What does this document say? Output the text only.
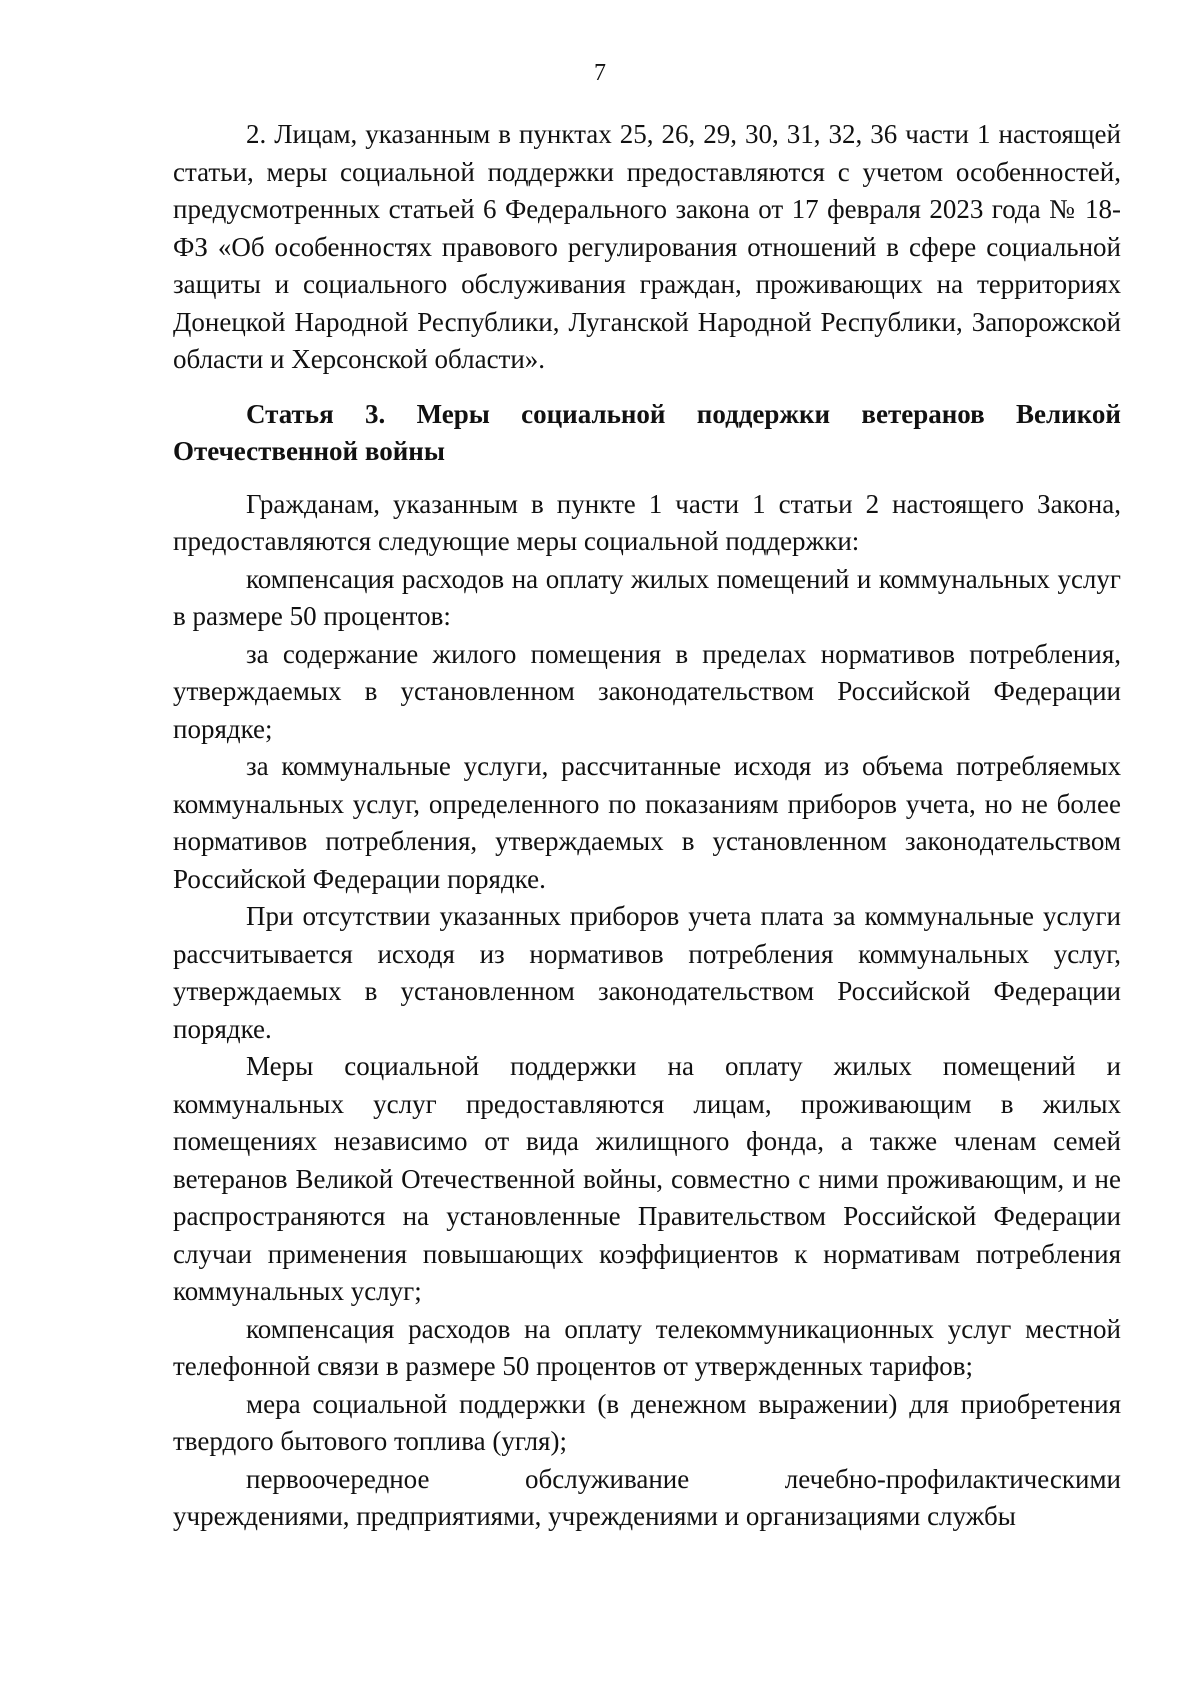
7

2. Лицам, указанным в пунктах 25, 26, 29, 30, 31, 32, 36 части 1 настоящей статьи, меры социальной поддержки предоставляются с учетом особенностей, предусмотренных статьей 6 Федерального закона от 17 февраля 2023 года № 18-ФЗ «Об особенностях правового регулирования отношений в сфере социальной защиты и социального обслуживания граждан, проживающих на территориях Донецкой Народной Республики, Луганской Народной Республики, Запорожской области и Херсонской области».

Статья 3. Меры социальной поддержки ветеранов Великой Отечественной войны

Гражданам, указанным в пункте 1 части 1 статьи 2 настоящего Закона, предоставляются следующие меры социальной поддержки:

компенсация расходов на оплату жилых помещений и коммунальных услуг в размере 50 процентов:

за содержание жилого помещения в пределах нормативов потребления, утверждаемых в установленном законодательством Российской Федерации порядке;

за коммунальные услуги, рассчитанные исходя из объема потребляемых коммунальных услуг, определенного по показаниям приборов учета, но не более нормативов потребления, утверждаемых в установленном законодательством Российской Федерации порядке.

При отсутствии указанных приборов учета плата за коммунальные услуги рассчитывается исходя из нормативов потребления коммунальных услуг, утверждаемых в установленном законодательством Российской Федерации порядке.

Меры социальной поддержки на оплату жилых помещений и коммунальных услуг предоставляются лицам, проживающим в жилых помещениях независимо от вида жилищного фонда, а также членам семей ветеранов Великой Отечественной войны, совместно с ними проживающим, и не распространяются на установленные Правительством Российской Федерации случаи применения повышающих коэффициентов к нормативам потребления коммунальных услуг;

компенсация расходов на оплату телекоммуникационных услуг местной телефонной связи в размере 50 процентов от утвержденных тарифов;

мера социальной поддержки (в денежном выражении) для приобретения твердого бытового топлива (угля);

первоочередное обслуживание лечебно-профилактическими учреждениями, предприятиями, учреждениями и организациями службы
